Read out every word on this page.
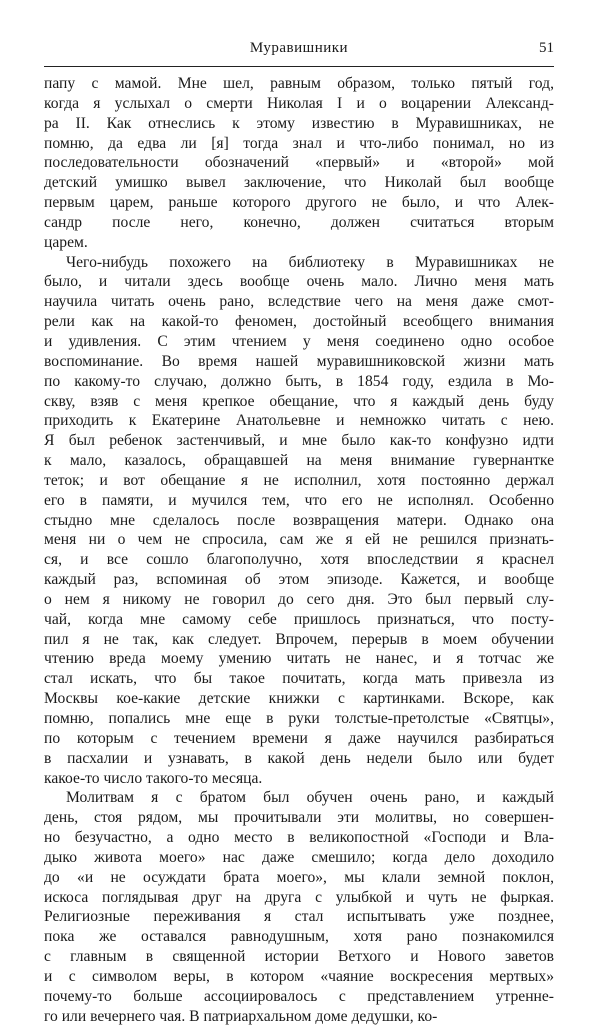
Муравишники	51
папу с мамой. Мне шел, равным образом, только пятый год,
когда я услыхал о смерти Николая I и о воцарении Александ-
ра II. Как отнеслись к этому известию в Муравишниках, не
помню, да едва ли [я] тогда знал и что-либо понимал, но из
последовательности обозначений «первый» и «второй» мой
детский умишко вывел заключение, что Николай был вообще
первым царем, раньше которого другого не было, и что Алек-
сандр после него, конечно, должен считаться вторым
царем.
Чего-нибудь похожего на библиотеку в Муравишниках не
было, и читали здесь вообще очень мало. Лично меня мать
научила читать очень рано, вследствие чего на меня даже смот-
рели как на какой-то феномен, достойный всеобщего внимания
и удивления. С этим чтением у меня соединено одно особое
воспоминание. Во время нашей муравишниковской жизни мать
по какому-то случаю, должно быть, в 1854 году, ездила в Мо-
скву, взяв с меня крепкое обещание, что я каждый день буду
приходить к Екатерине Анатольевне и немножко читать с нею.
Я был ребенок застенчивый, и мне было как-то конфузно идти
к мало, казалось, обращавшей на меня внимание гувернантке
теток; и вот обещание я не исполнил, хотя постоянно держал
его в памяти, и мучился тем, что его не исполнял. Особенно
стыдно мне сделалось после возвращения матери. Однако она
меня ни о чем не спросила, сам же я ей не решился признать-
ся, и все сошло благополучно, хотя впоследствии я краснел
каждый раз, вспоминая об этом эпизоде. Кажется, и вообще
о нем я никому не говорил до сего дня. Это был первый слу-
чай, когда мне самому себе пришлось признаться, что посту-
пил я не так, как следует. Впрочем, перерыв в моем обучении
чтению вреда моему умению читать не нанес, и я тотчас же
стал искать, что бы такое почитать, когда мать привезла из
Москвы кое-какие детские книжки с картинками. Вскоре, как
помню, попались мне еще в руки толстые-претолстые «Святцы»,
по которым с течением времени я даже научился разбираться
в пасхалии и узнавать, в какой день недели было или будет
какое-то число такого-то месяца.
Молитвам я с братом был обучен очень рано, и каждый
день, стоя рядом, мы прочитывали эти молитвы, но совершен-
но безучастно, а одно место в великопостной «Господи и Вла-
дыко живота моего» нас даже смешило; когда дело доходило
до «и не осуждати брата моего», мы клали земной поклон,
искоса поглядывая друг на друга с улыбкой и чуть не фыркая.
Религиозные переживания я стал испытывать уже позднее,
пока же оставался равнодушным, хотя рано познакомился
с главным в священной истории Ветхого и Нового заветов
и с символом веры, в котором «чаяние воскресения мертвых»
почему-то больше ассоциировалось с представлением утренне-
го или вечернего чая. В патриархальном доме дедушки, ко-
